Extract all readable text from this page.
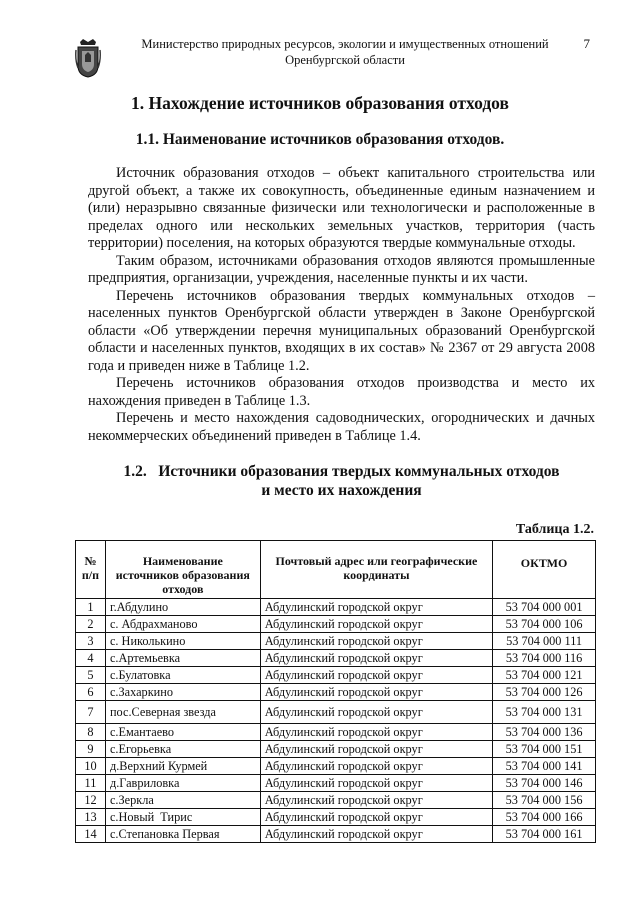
Министерство природных ресурсов, экологии и имущественных отношений
Оренбургской области
7
1. Нахождение источников образования отходов
1.1. Наименование источников образования отходов.

Источник образования отходов – объект капитального строительства или другой объект, а также их совокупность, объединенные единым назначением и (или) неразрывно связанные физически или технологически и расположенные в пределах одного или нескольких земельных участков, территория (часть территории) поселения, на которых образуются твердые коммунальные отходы.

Таким образом, источниками образования отходов являются промышленные предприятия, организации, учреждения, населенные пункты и их части.

Перечень источников образования твердых коммунальных отходов – населенных пунктов Оренбургской области утвержден в Законе Оренбургской области «Об утверждении перечня муниципальных образований Оренбургской области и населенных пунктов, входящих в их состав» № 2367 от 29 августа 2008 года и приведен ниже в Таблице 1.2.

Перечень источников образования отходов производства и место их нахождения приведен в Таблице 1.3.

Перечень и место нахождения садоводнических, огороднических и дачных некоммерческих объединений приведен в Таблице 1.4.

1.2.   Источники образования твердых коммунальных отходов
и место их нахождения
Таблица 1.2.
№ п/п	Наименование источников образования отходов	Почтовый адрес или географические координаты	ОКТМО
1	г.Абдулино	Абдулинский городской округ	53 704 000 001
2	с. Абдрахманово	Абдулинский городской округ	53 704 000 106
3	с. Николькино	Абдулинский городской округ	53 704 000 111
4	с.Артемьевка	Абдулинский городской округ	53 704 000 116
5	с.Булатовка	Абдулинский городской округ	53 704 000 121
6	с.Захаркино	Абдулинский городской округ	53 704 000 126
7	пос.Северная звезда	Абдулинский городской округ	53 704 000 131
8	с.Емантаево	Абдулинский городской округ	53 704 000 136
9	с.Егорьевка	Абдулинский городской округ	53 704 000 151
10	д.Верхний Курмей	Абдулинский городской округ	53 704 000 141
11	д.Гавриловка	Абдулинский городской округ	53 704 000 146
12	с.Зеркла	Абдулинский городской округ	53 704 000 156
13	с.Новый  Тирис	Абдулинский городской округ	53 704 000 166
14	с.Степановка Первая	Абдулинский городской округ	53 704 000 161
